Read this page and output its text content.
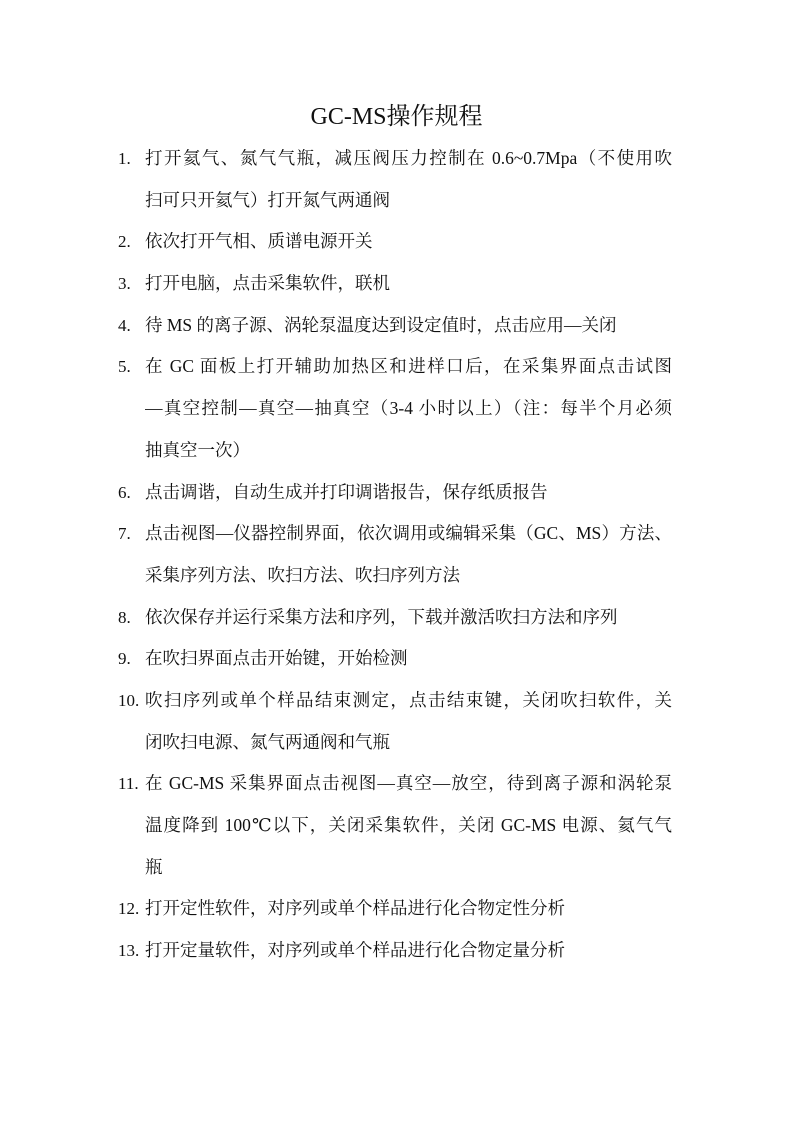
GC-MS操作规程
1. 打开氦气、氮气气瓶，减压阀压力控制在 0.6~0.7Mpa（不使用吹
扫可只开氦气）打开氮气两通阀
2. 依次打开气相、质谱电源开关
3. 打开电脑，点击采集软件，联机
4. 待 MS 的离子源、涡轮泵温度达到设定值时，点击应用—关闭
5. 在 GC 面板上打开辅助加热区和进样口后，在采集界面点击试图
—真空控制—真空—抽真空（3-4 小时以上）（注：每半个月必须
抽真空一次）
6. 点击调谐，自动生成并打印调谐报告，保存纸质报告
7. 点击视图—仪器控制界面，依次调用或编辑采集（GC、MS）方法、
采集序列方法、吹扫方法、吹扫序列方法
8. 依次保存并运行采集方法和序列，下载并激活吹扫方法和序列
9. 在吹扫界面点击开始键，开始检测
10. 吹扫序列或单个样品结束测定，点击结束键，关闭吹扫软件，关
闭吹扫电源、氮气两通阀和气瓶
11. 在 GC-MS 采集界面点击视图—真空—放空，待到离子源和涡轮泵
温度降到 100℃以下，关闭采集软件，关闭 GC-MS 电源、氦气气
瓶
12. 打开定性软件，对序列或单个样品进行化合物定性分析
13. 打开定量软件，对序列或单个样品进行化合物定量分析
